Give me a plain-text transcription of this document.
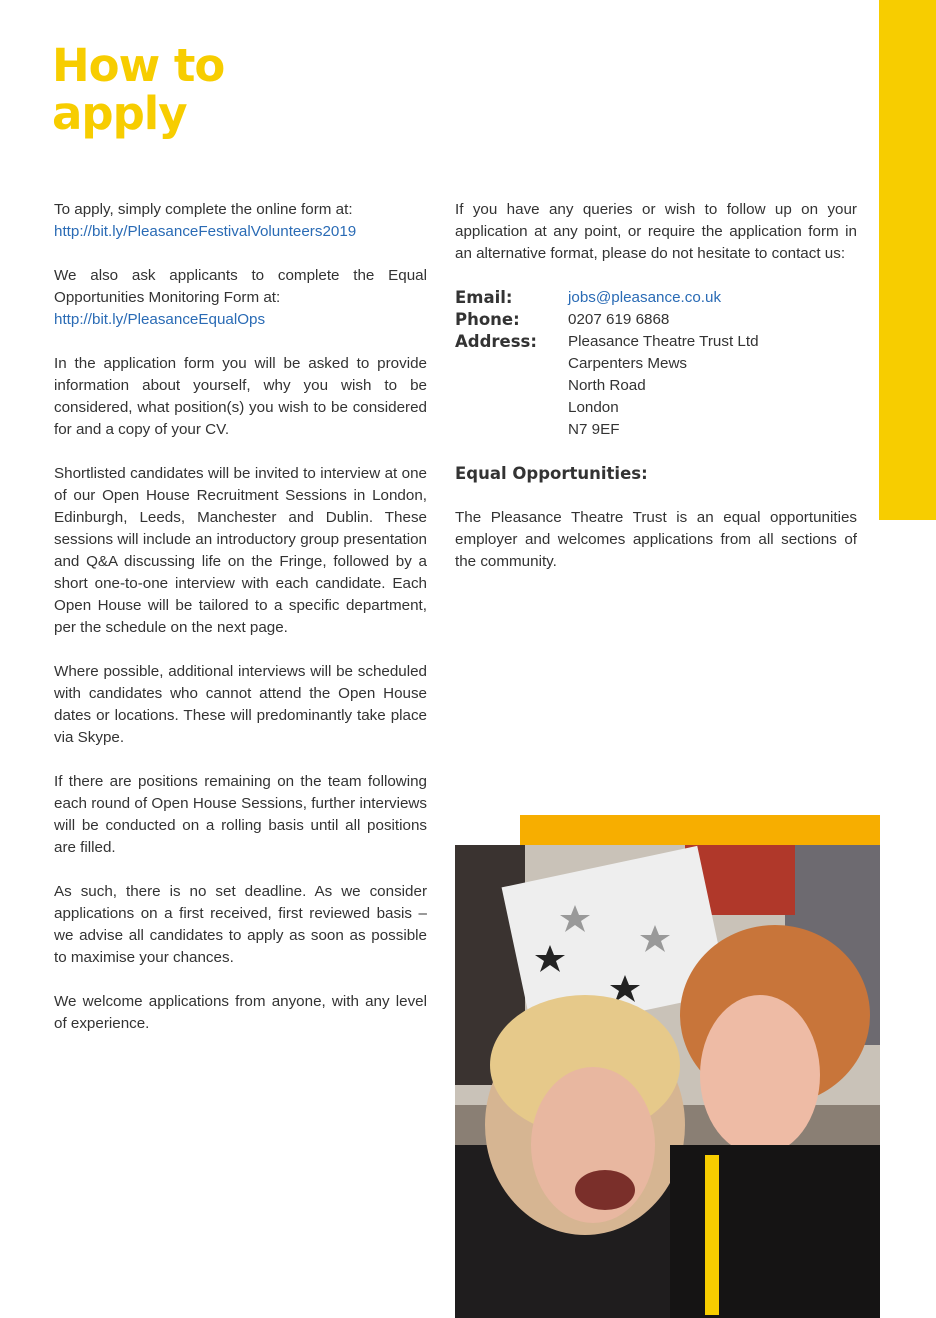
How to
apply

To apply, simply complete the online form at:
http://bit.ly/PleasanceFestivalVolunteers2019

We also ask applicants to complete the Equal Opportunities Monitoring Form at:
http://bit.ly/PleasanceEqualOps

In the application form you will be asked to provide information about yourself, why you wish to be considered, what position(s) you wish to be considered for and a copy of your CV.

Shortlisted candidates will be invited to interview at one of our Open House Recruitment Sessions in London, Edinburgh, Leeds, Manchester and Dublin. These sessions will include an introductory group presentation and Q&A discussing life on the Fringe, followed by a short one-to-one interview with each candidate. Each Open House will be tailored to a specific department, per the schedule on the next page.

Where possible, additional interviews will be scheduled with candidates who cannot attend the Open House dates or locations. These will predominantly take place via Skype.

If there are positions remaining on the team following each round of Open House Sessions, further interviews will be conducted on a rolling basis until all positions are filled.

As such, there is no set deadline. As we consider applications on a first received, first reviewed basis – we advise all candidates to apply as soon as possible to maximise your chances.

We welcome applications from anyone, with any level of experience.

If you have any queries or wish to follow up on your application at any point, or require the application form in an alternative format, please do not hesitate to contact us:

Email:	jobs@pleasance.co.uk
Phone:	0207 619 6868
Address:	Pleasance Theatre Trust Ltd
Carpenters Mews
North Road
London
N7 9EF
Equal Opportunities:

The Pleasance Theatre Trust is an equal opportunities employer and welcomes applications from all sections of the community.
